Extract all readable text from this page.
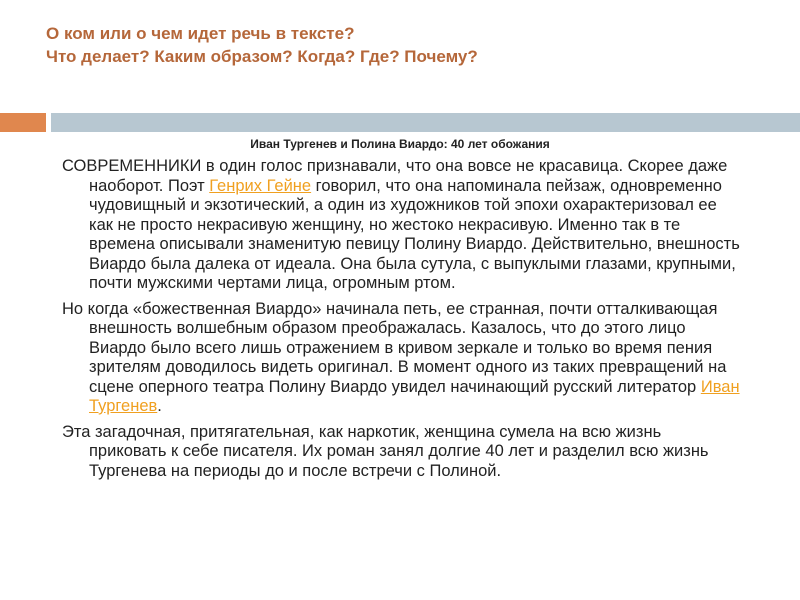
О ком или о чем идет речь в тексте?
Что делает? Каким образом? Когда? Где? Почему?
Иван Тургенев и Полина Виардо: 40 лет обожания

СОВРЕМЕННИКИ в один голос признавали, что она вовсе не красавица. Скорее даже наоборот. Поэт Генрих Гейне говорил, что она напоминала пейзаж, одновременно чудовищный и экзотический, а один из художников той эпохи охарактеризовал ее как не просто некрасивую женщину, но жестоко некрасивую. Именно так в те времена описывали знаменитую певицу Полину Виардо. Действительно, внешность Виардо была далека от идеала. Она была сутула, с выпуклыми глазами, крупными, почти мужскими чертами лица, огромным ртом.

Но когда «божественная Виардо» начинала петь, ее странная, почти отталкивающая внешность волшебным образом преображалась. Казалось, что до этого лицо Виардо было всего лишь отражением в кривом зеркале и только во время пения зрителям доводилось видеть оригинал. В момент одного из таких превращений на сцене оперного театра Полину Виардо увидел начинающий русский литератор Иван Тургенев.

Эта загадочная, притягательная, как наркотик, женщина сумела на всю жизнь приковать к себе писателя. Их роман занял долгие 40 лет и разделил всю жизнь Тургенева на периоды до и после встречи с Полиной.
